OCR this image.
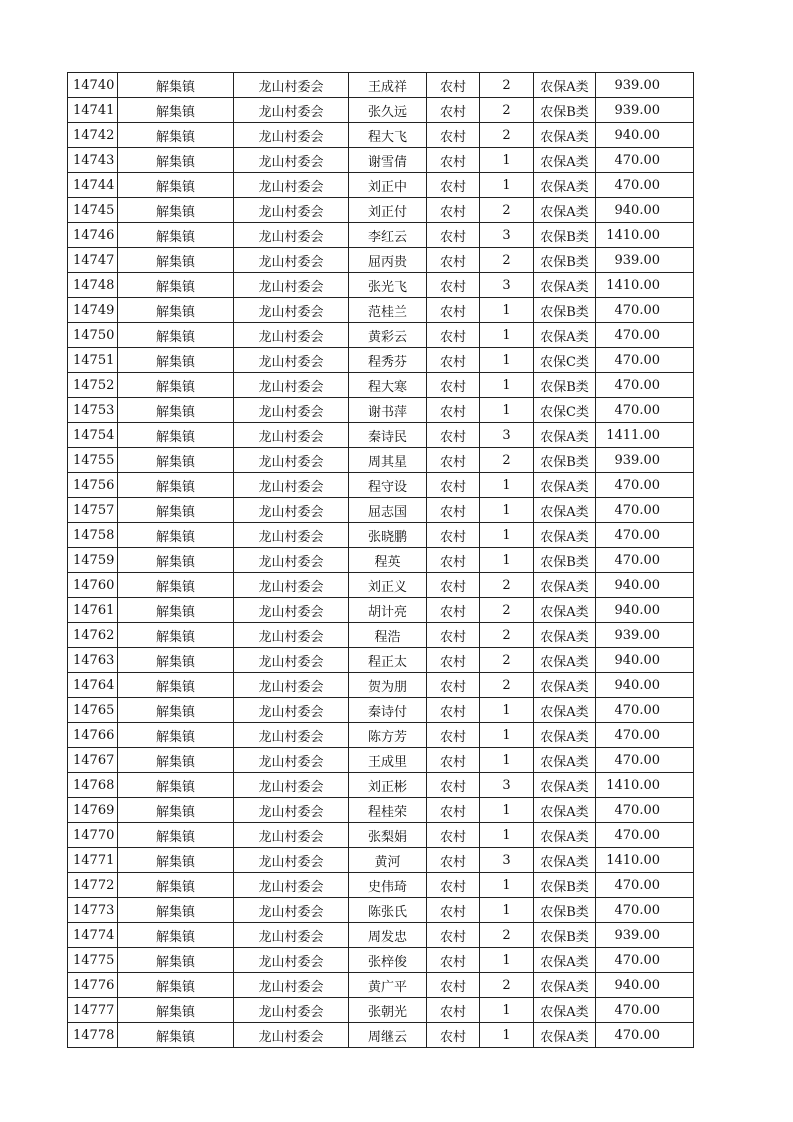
14740	解集镇	龙山村委会	王成祥	农村	2	农保A类	939.00
14741	解集镇	龙山村委会	张久远	农村	2	农保B类	939.00
14742	解集镇	龙山村委会	程大飞	农村	2	农保A类	940.00
14743	解集镇	龙山村委会	谢雪倩	农村	1	农保A类	470.00
14744	解集镇	龙山村委会	刘正中	农村	1	农保A类	470.00
14745	解集镇	龙山村委会	刘正付	农村	2	农保A类	940.00
14746	解集镇	龙山村委会	李红云	农村	3	农保B类	1410.00
14747	解集镇	龙山村委会	屈丙贵	农村	2	农保B类	939.00
14748	解集镇	龙山村委会	张光飞	农村	3	农保A类	1410.00
14749	解集镇	龙山村委会	范桂兰	农村	1	农保B类	470.00
14750	解集镇	龙山村委会	黄彩云	农村	1	农保A类	470.00
14751	解集镇	龙山村委会	程秀芬	农村	1	农保C类	470.00
14752	解集镇	龙山村委会	程大寒	农村	1	农保B类	470.00
14753	解集镇	龙山村委会	谢书萍	农村	1	农保C类	470.00
14754	解集镇	龙山村委会	秦诗民	农村	3	农保A类	1411.00
14755	解集镇	龙山村委会	周其星	农村	2	农保B类	939.00
14756	解集镇	龙山村委会	程守设	农村	1	农保A类	470.00
14757	解集镇	龙山村委会	屈志国	农村	1	农保A类	470.00
14758	解集镇	龙山村委会	张晓鹏	农村	1	农保A类	470.00
14759	解集镇	龙山村委会	程英	农村	1	农保B类	470.00
14760	解集镇	龙山村委会	刘正义	农村	2	农保A类	940.00
14761	解集镇	龙山村委会	胡计亮	农村	2	农保A类	940.00
14762	解集镇	龙山村委会	程浩	农村	2	农保A类	939.00
14763	解集镇	龙山村委会	程正太	农村	2	农保A类	940.00
14764	解集镇	龙山村委会	贺为朋	农村	2	农保A类	940.00
14765	解集镇	龙山村委会	秦诗付	农村	1	农保A类	470.00
14766	解集镇	龙山村委会	陈方芳	农村	1	农保A类	470.00
14767	解集镇	龙山村委会	王成里	农村	1	农保A类	470.00
14768	解集镇	龙山村委会	刘正彬	农村	3	农保A类	1410.00
14769	解集镇	龙山村委会	程桂荣	农村	1	农保A类	470.00
14770	解集镇	龙山村委会	张梨娟	农村	1	农保A类	470.00
14771	解集镇	龙山村委会	黄河	农村	3	农保A类	1410.00
14772	解集镇	龙山村委会	史伟琦	农村	1	农保B类	470.00
14773	解集镇	龙山村委会	陈张氏	农村	1	农保B类	470.00
14774	解集镇	龙山村委会	周发忠	农村	2	农保B类	939.00
14775	解集镇	龙山村委会	张梓俊	农村	1	农保A类	470.00
14776	解集镇	龙山村委会	黄广平	农村	2	农保A类	940.00
14777	解集镇	龙山村委会	张朝光	农村	1	农保A类	470.00
14778	解集镇	龙山村委会	周继云	农村	1	农保A类	470.00
